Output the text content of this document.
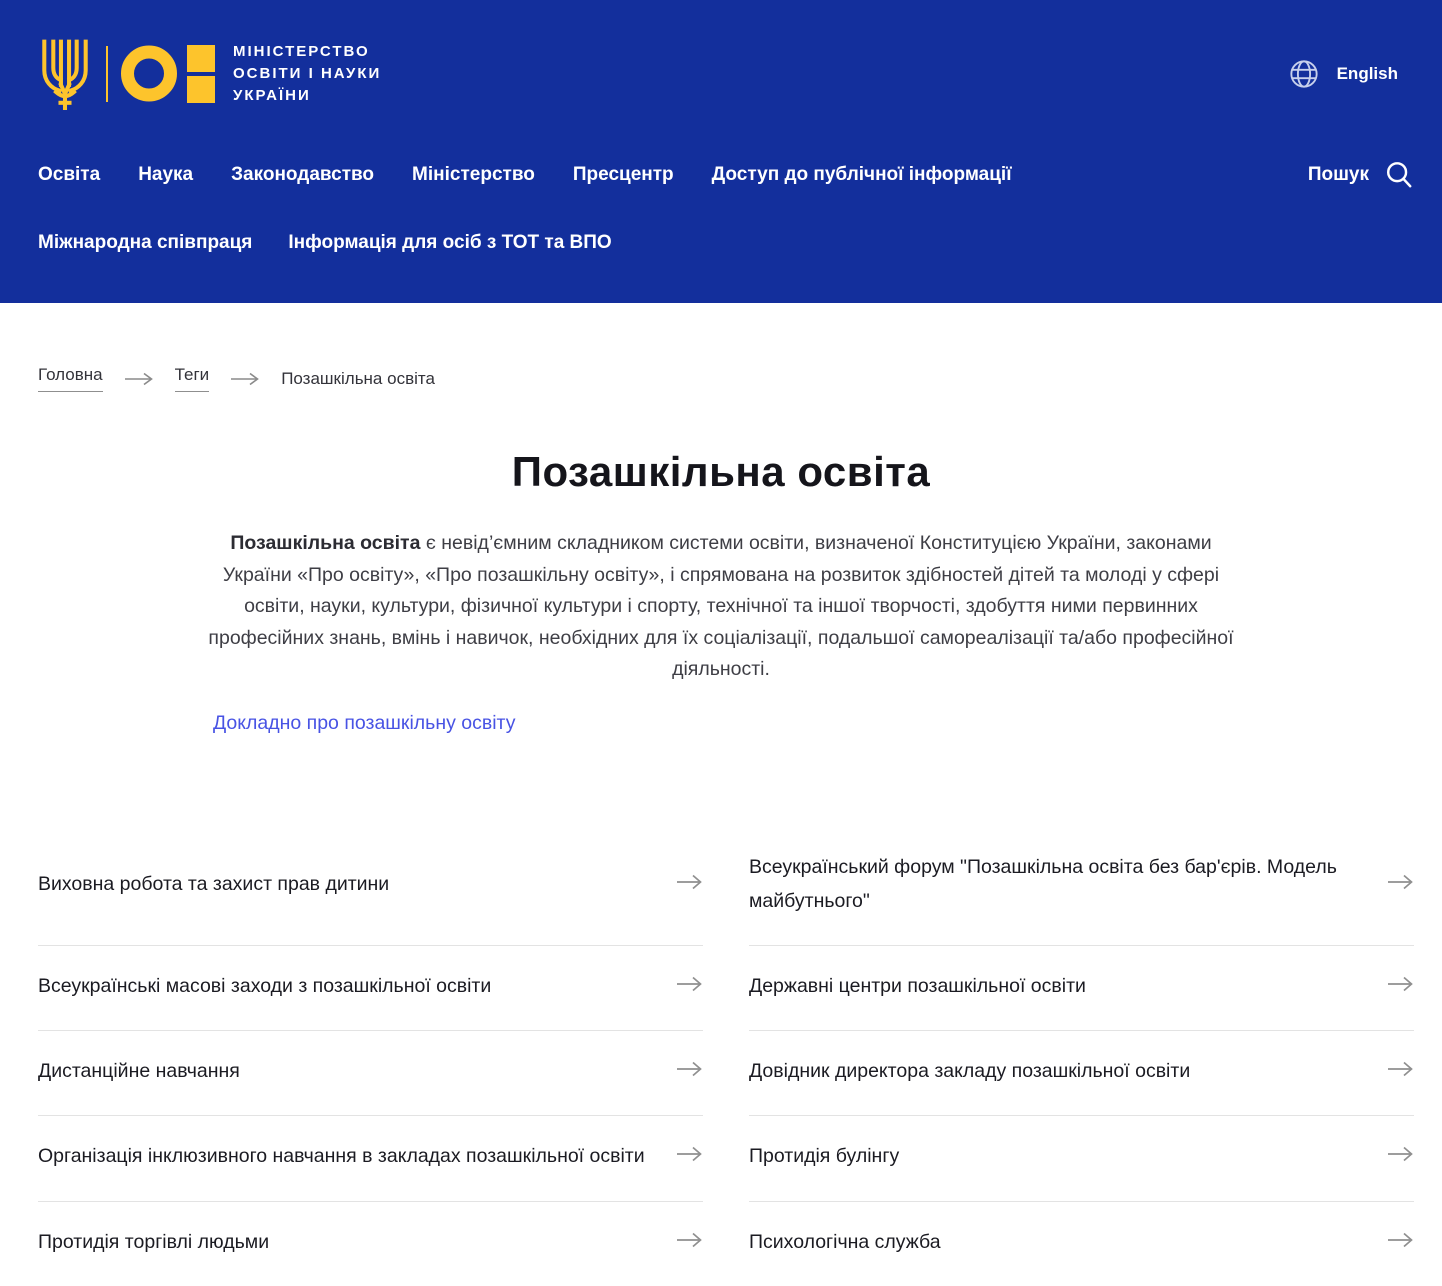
МІНІСТЕРСТВО
ОСВІТИ І НАУКИ
УКРАЇНИ
English
Освіта Наука Законодавство Міністерство Пресцентр Доступ до публічної інформації	Пошук
Міжнародна співпраця Інформація для осіб з ТОТ та ВПО
Головна	Теги	Позашкільна освіта
Позашкільна освіта

Позашкільна освіта є невід’ємним складником системи освіти, визначеної Конституцією України, законами України «Про освіту», «Про позашкільну освіту», і спрямована на розвиток здібностей дітей та молоді у сфері освіти, науки, культури, фізичної культури і спорту, технічної та іншої творчості, здобуття ними первинних професійних знань, вмінь і навичок, необхідних для їх соціалізації, подальшої самореалізації та/або професійної діяльності.

Докладно про позашкільну освіту
Виховна робота та захист прав дитини
Всеукраїнський форум "Позашкільна освіта без бар'єрів. Модель майбутнього"
Всеукраїнські масові заходи з позашкільної освіти	Державні центри позашкільної освіти
Дистанційне навчання	Довідник директора закладу позашкільної освіти
Організація інклюзивного навчання в закладах позашкільної освіти	Протидія булінгу
Протидія торгівлі людьми	Психологічна служба
